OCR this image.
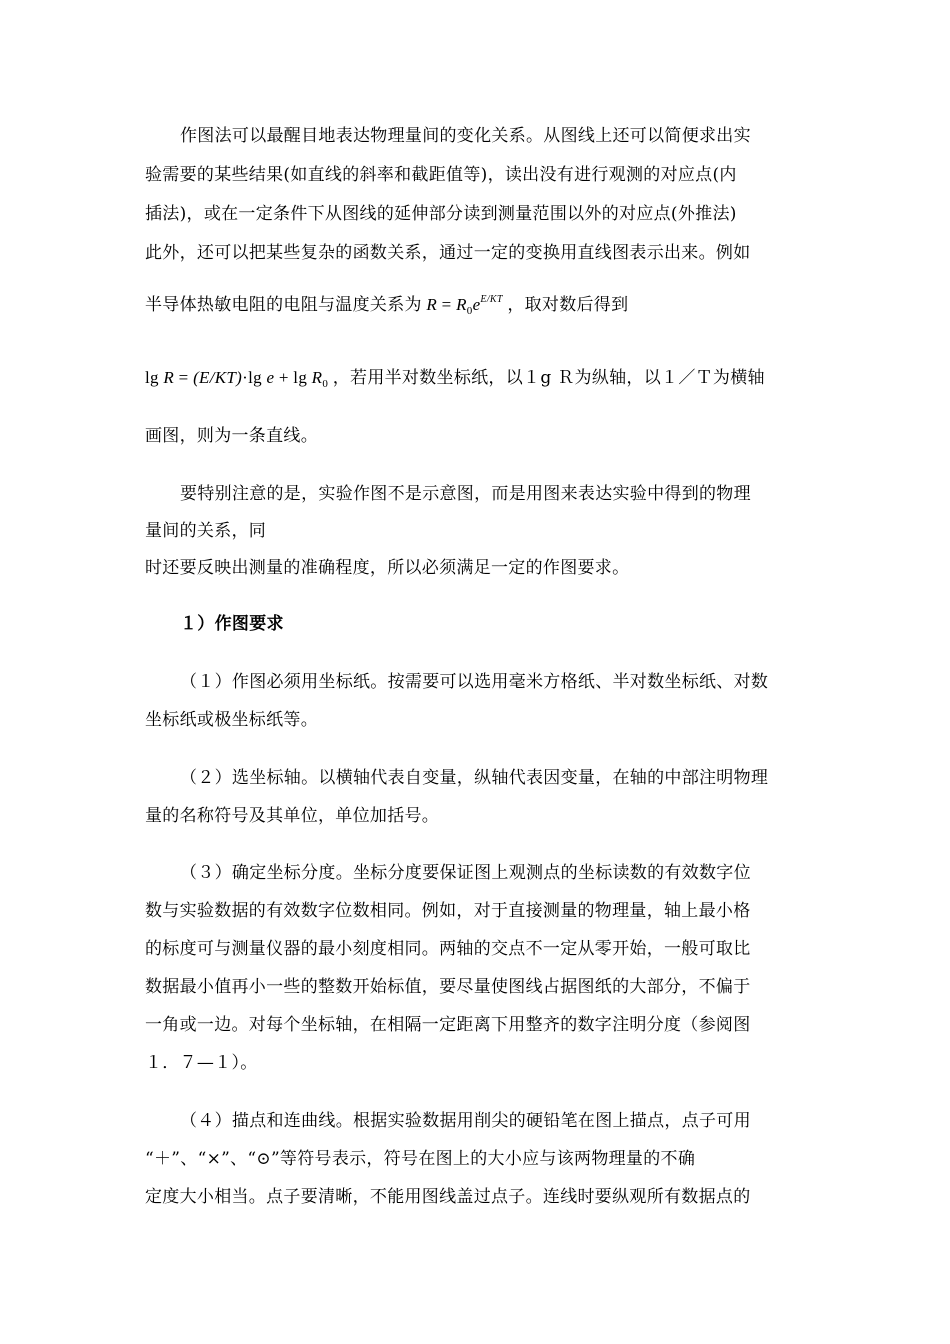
作图法可以最醒目地表达物理量间的变化关系。从图线上还可以简便求出实
验需要的某些结果(如直线的斜率和截距值等)，读出没有进行观测的对应点(内
插法)，或在一定条件下从图线的延伸部分读到测量范围以外的对应点(外推法)
此外，还可以把某些复杂的函数关系，通过一定的变换用直线图表示出来。例如
半导体热敏电阻的电阻与温度关系为 $R = R_0e^{E/KT}$ ，取对数后得到
lg R = (E/KT)·lg $e + \lg R_0$ ，若用半对数坐标纸，以１g Ｒ为纵轴，以１／Ｔ为横轴
画图，则为一条直线。
要特别注意的是，实验作图不是示意图，而是用图来表达实验中得到的物理
量间的关系，同
时还要反映出测量的准确程度，所以必须满足一定的作图要求。
１）作图要求
（１）作图必须用坐标纸。按需要可以选用毫米方格纸、半对数坐标纸、对数
坐标纸或极坐标纸等。
（２）选坐标轴。以横轴代表自变量，纵轴代表因变量，在轴的中部注明物理
量的名称符号及其单位，单位加括号。
（３）确定坐标分度。坐标分度要保证图上观测点的坐标读数的有效数字位
数与实验数据的有效数字位数相同。例如，对于直接测量的物理量，轴上最小格
的标度可与测量仪器的最小刻度相同。两轴的交点不一定从零开始，一般可取比
数据最小值再小一些的整数开始标值，要尽量使图线占据图纸的大部分，不偏于
一角或一边。对每个坐标轴，在相隔一定距离下用整齐的数字注明分度（参阅图
１．７—１）。
（４）描点和连曲线。根据实验数据用削尖的硬铅笔在图上描点，点子可用
“＋”、“×”、“⊙”等符号表示，符号在图上的大小应与该两物理量的不确
定度大小相当。点子要清晰，不能用图线盖过点子。连线时要纵观所有数据点的
